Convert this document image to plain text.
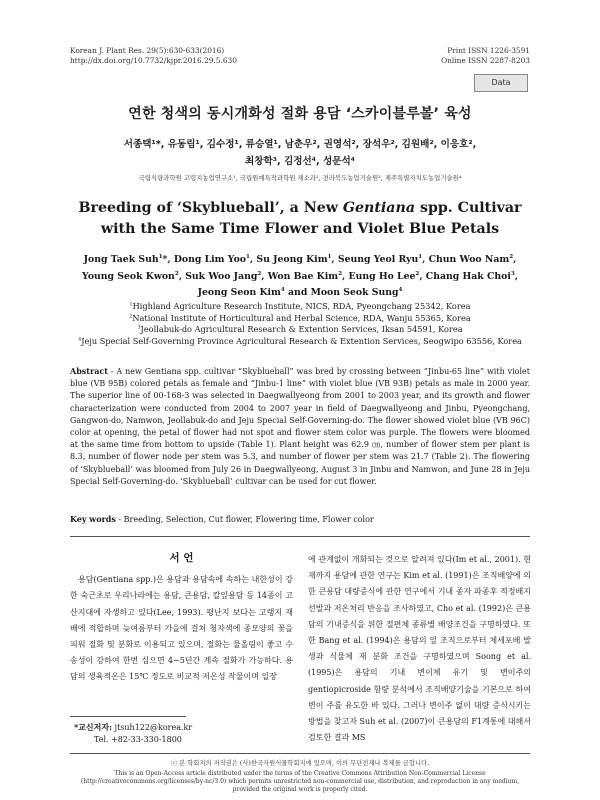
Korean J. Plant Res. 29(5):630-633(2016)
http://dx.doi.org/10.7732/kjpr.2016.29.5.630
Print ISSN 1226-3591
Online ISSN 2287-8203
Data
연한 청색의 동시개화성 절화 용담 ‘스카이블루볼’ 육성
서종택¹*, 유동림¹, 김수정¹, 류승열¹, 남춘우², 권영석², 장석우², 김원배², 이응호²,
최창학³, 김정선⁴, 성문석⁴
국립식량과학원 고령지농업연구소¹, 국립원예특작과학원 채소과², 전라북도농업기술원³, 제주특별자치도농업기술원⁴
Breeding of ‘Skyblueball’, a New Gentiana spp. Cultivar with the Same Time Flower and Violet Blue Petals
Jong Taek Suh$^1$*, Dong Lim Yoo$^1$, Su Jeong Kim$^1$, Seung Yeol Ryu$^1$, Chun Woo Nam$^2$,
Young Seok Kwon$^2$, Suk Woo Jang$^2$, Won Bae Kim$^2$, Eung Ho Lee$^2$, Chang Hak Choi$^3$,
Jeong Seon Kim$^4$ and Moon Seok Sung$^4$
$^1$Highland Agriculture Research Institute, NICS, RDA, Pyeongchang 25342, Korea
$^2$National Institute of Horticultural and Herbal Science, RDA, Wanju 55365, Korea
$^3$Jeollabuk-do Agricultural Research & Extention Services, Iksan 54591, Korea
$^4$Jeju Special Self-Governing Province Agricultural Research & Extention Services, Seogwipo 63556, Korea
Abstract - A new Gentiana spp. cultivar “Skyblueball” was bred by crossing between “Jinbu-65 line” with violet blue (VB 95B) colored petals as female and “Jinbu-1 line” with violet blue (VB 93B) petals as male in 2000 year. The superior line of 00-168-3 was selected in Daegwallyeong from 2001 to 2003 year, and its growth and flower characterization were conducted from 2004 to 2007 year in field of Daegwallyeong and Jinbu, Pyeongchang, Gangwon-do, Namwon, Jeollabuk-do and Jeju Special Self-Governing-do. The flower showed violet blue (VB 96C) color at opening, the petal of flower had not spot and flower stem color was purple. The flowers were bloomed at the same time from bottom to upside (Table 1). Plant height was 62.9 ㎝, number of flower stem per plant is 8.3, number of flower node per stem was 5.3, and number of flower per stem was 21.7 (Table 2). The flowering of ‘Skyblueball’ was bloomed from July 26 in Daegwallyeong, August 3 in Jinbu and Namwon, and June 28 in Jeju Special Self-Governing-do. ‘Skyblueball’ cultivar can be used for cut flower.
Key words - Breeding, Selection, Cut flower, Flowering time, Flower color
서 언

용담(Gentiana spp.)은 용담과 용담속에 속하는 내한성이 강한 숙근초로 우리나라에는 용담, 큰용담, 칼잎용담 등 14종이 고산지대에 자생하고 있다(Lee, 1993). 평난지 보다는 고랭지 재배에 적합하며 늦여름부터 가을에 걸쳐 청자색에 종모양의 꽃을 피워 절화 및 분화로 이용되고 있으며, 절화는 물올림이 좋고 수송성이 강하여 한번 심으면 4~5년간 계속 절화가 가능하다. 용담의 생육적온은 15℃ 정도로 비교적 저온성 작물이며 일장

에 관계없이 개화되는 것으로 알려져 있다(Im et al., 2001). 현재까지 용담에 관한 연구는 Kim et al. (1991)은 조직배양에 의한 큰용담 대량증식에 관한 연구에서 기내 종자 파종후 적정배지 선발과 저온처리 반응을 조사하였고, Cho et al. (1992)은 큰용담의 기내증식을 위한 절편체 종류별 배양조건을 구명하였다. 또한 Bang et al. (1994)은 용담의 잎 조직으로부터 체세포배 발생과 식물체 재 분화 조건을 구명하였으며 Soong et al. (1995)은 용담의 기내 변이체 유기 및 변이주의 gentiopicroside 함량 분석에서 조직배양기술을 기본으로 하여 변이 주를 유도한 바 있다. 그러나 변이주 없이 대량 증식시키는 방법을 찾고자 Suh et al. (2007)이 큰용담의 F1계통에 대해서 검토한 결과 MS

*교신저자: jtsuh122@korea.kr
Tel. +82-33-330-1800
ⓒ 본 학회지의 저작권은 (사)한국자원식물학회지에 있으며, 이의 무단전재나 복제를 금합니다.
This is an Open-Access article distributed under the terms of the Creative Commons Attribution Non-Commercial License (http://creativecommons.org/licenses/by-nc/3.0) which permits unrestricted non-commercial use, distribution, and reproduction in any medium, provided the original work is properly cited.
